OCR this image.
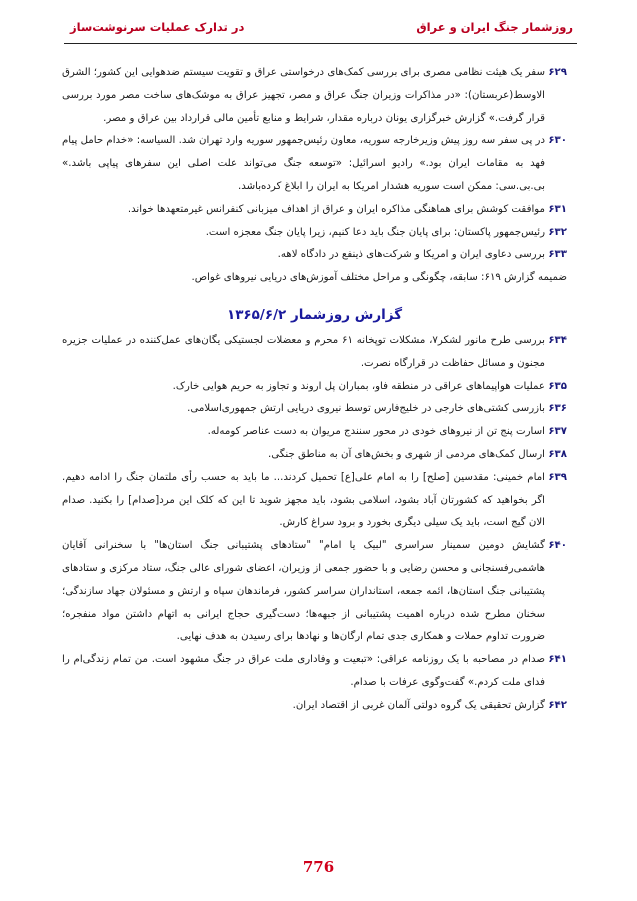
روزشمار جنگ ایران و عراق
در تدارک عملیات سرنوشت‌ساز

۶۲۹
سفر یک هیئت نظامی مصری برای بررسی کمک‌های درخواستی عراق و تقویت سیستم ضدهوایی این کشور؛ الشرق الاوسط(عربستان): «در مذاکرات وزیران جنگ عراق و مصر، تجهیز عراق به موشک‌های ساخت مصر مورد بررسی قرار گرفت.» گزارش خبرگزاری یونان درباره مقدار، شرایط و منابع تأمین مالی قرارداد بین عراق و مصر.

۶۳۰
در پی سفر سه روز پیش وزیرخارجه سوریه، معاون رئیس‌جمهور سوریه وارد تهران شد. السیاسه: «خدام حامل پیام فهد به مقامات ایران بود.» رادیو اسرائیل: «توسعه جنگ می‌تواند علت اصلی این سفرهای پیاپی باشد.» بی.بی.سی: ممکن است سوریه هشدار امریکا به ایران را ابلاغ کرده‌باشد.

۶۳۱
موافقت کوشش برای هماهنگی مذاکره ایران و عراق از اهداف میزبانی کنفرانس غیرمتعهدها خواند.

۶۳۲
رئیس‌جمهور پاکستان: برای پایان جنگ باید دعا کنیم، زیرا پایان جنگ معجزه است.

۶۳۳
بررسی دعاوی ایران و امریکا و شرکت‌های ذینفع در دادگاه لاهه.

ضمیمه گزارش ۶۱۹: سابقه، چگونگی و مراحل مختلف آموزش‌های دریایی نیروهای غواص.

گزارش روزشمار ۱۳۶۵/۶/۲

۶۳۴
بررسی طرح مانور لشکر۷، مشکلات توپخانه ۶۱ محرم و معضلات لجستیکی یگان‌های عمل‌کننده در عملیات جزیره مجنون و مسائل حفاظت در قرارگاه نصرت.

۶۳۵
عملیات هواپیماهای عراقی در منطقه فاو، بمباران پل اروند و تجاوز به حریم هوایی خارک.

۶۳۶
بازرسی کشتی‌های خارجی در خلیج‌فارس توسط نیروی دریایی ارتش جمهوری‌اسلامی.

۶۳۷
اسارت پنج تن از نیروهای خودی در محور سنندج مریوان به دست عناصر کومه‌له.

۶۳۸
ارسال کمک‌های مردمی از شهری و بخش‌های آن به مناطق جنگی.

۶۳۹
امام خمینی: مقدسین [صلح] را به امام علی[ع] تحمیل کردند... ما باید به حسب رأی ملتمان جنگ را ادامه دهیم. اگر بخواهید که کشورتان آباد بشود، اسلامی بشود، باید مجهز شوید تا این که کلک این مرد[صدام] را بکنید. صدام الان گیج است، باید یک سیلی دیگری بخورد و برود سراغ کارش.

۶۴۰
گشایش دومین سمینار سراسری "لبیک یا امام" "ستادهای پشتیبانی جنگ استان‌ها" با سخنرانی آقایان هاشمی‌رفسنجانی و محسن رضایی و با حضور جمعی از وزیران، اعضای شورای عالی جنگ، ستاد مرکزی و ستادهای پشتیبانی جنگ استان‌ها، ائمه جمعه، استانداران سراسر کشور، فرماندهان سپاه و ارتش و مسئولان جهاد سازندگی؛ سخنان مطرح شده درباره اهمیت پشتیبانی از جبهه‌ها؛ دست‌گیری حجاج ایرانی به اتهام داشتن مواد منفجره؛ ضرورت تداوم حملات و همکاری جدی تمام ارگان‌ها و نهادها برای رسیدن به هدف نهایی.

۶۴۱
صدام در مصاحبه با یک روزنامه عراقی: «تبعیت و وفاداری ملت عراق در جنگ مشهود است. من تمام زندگی‌ام را فدای ملت کردم.» گفت‌وگوی عرفات با صدام.

۶۴۲
گزارش تحقیقی یک گروه دولتی آلمان غربی از اقتصاد ایران.

776
